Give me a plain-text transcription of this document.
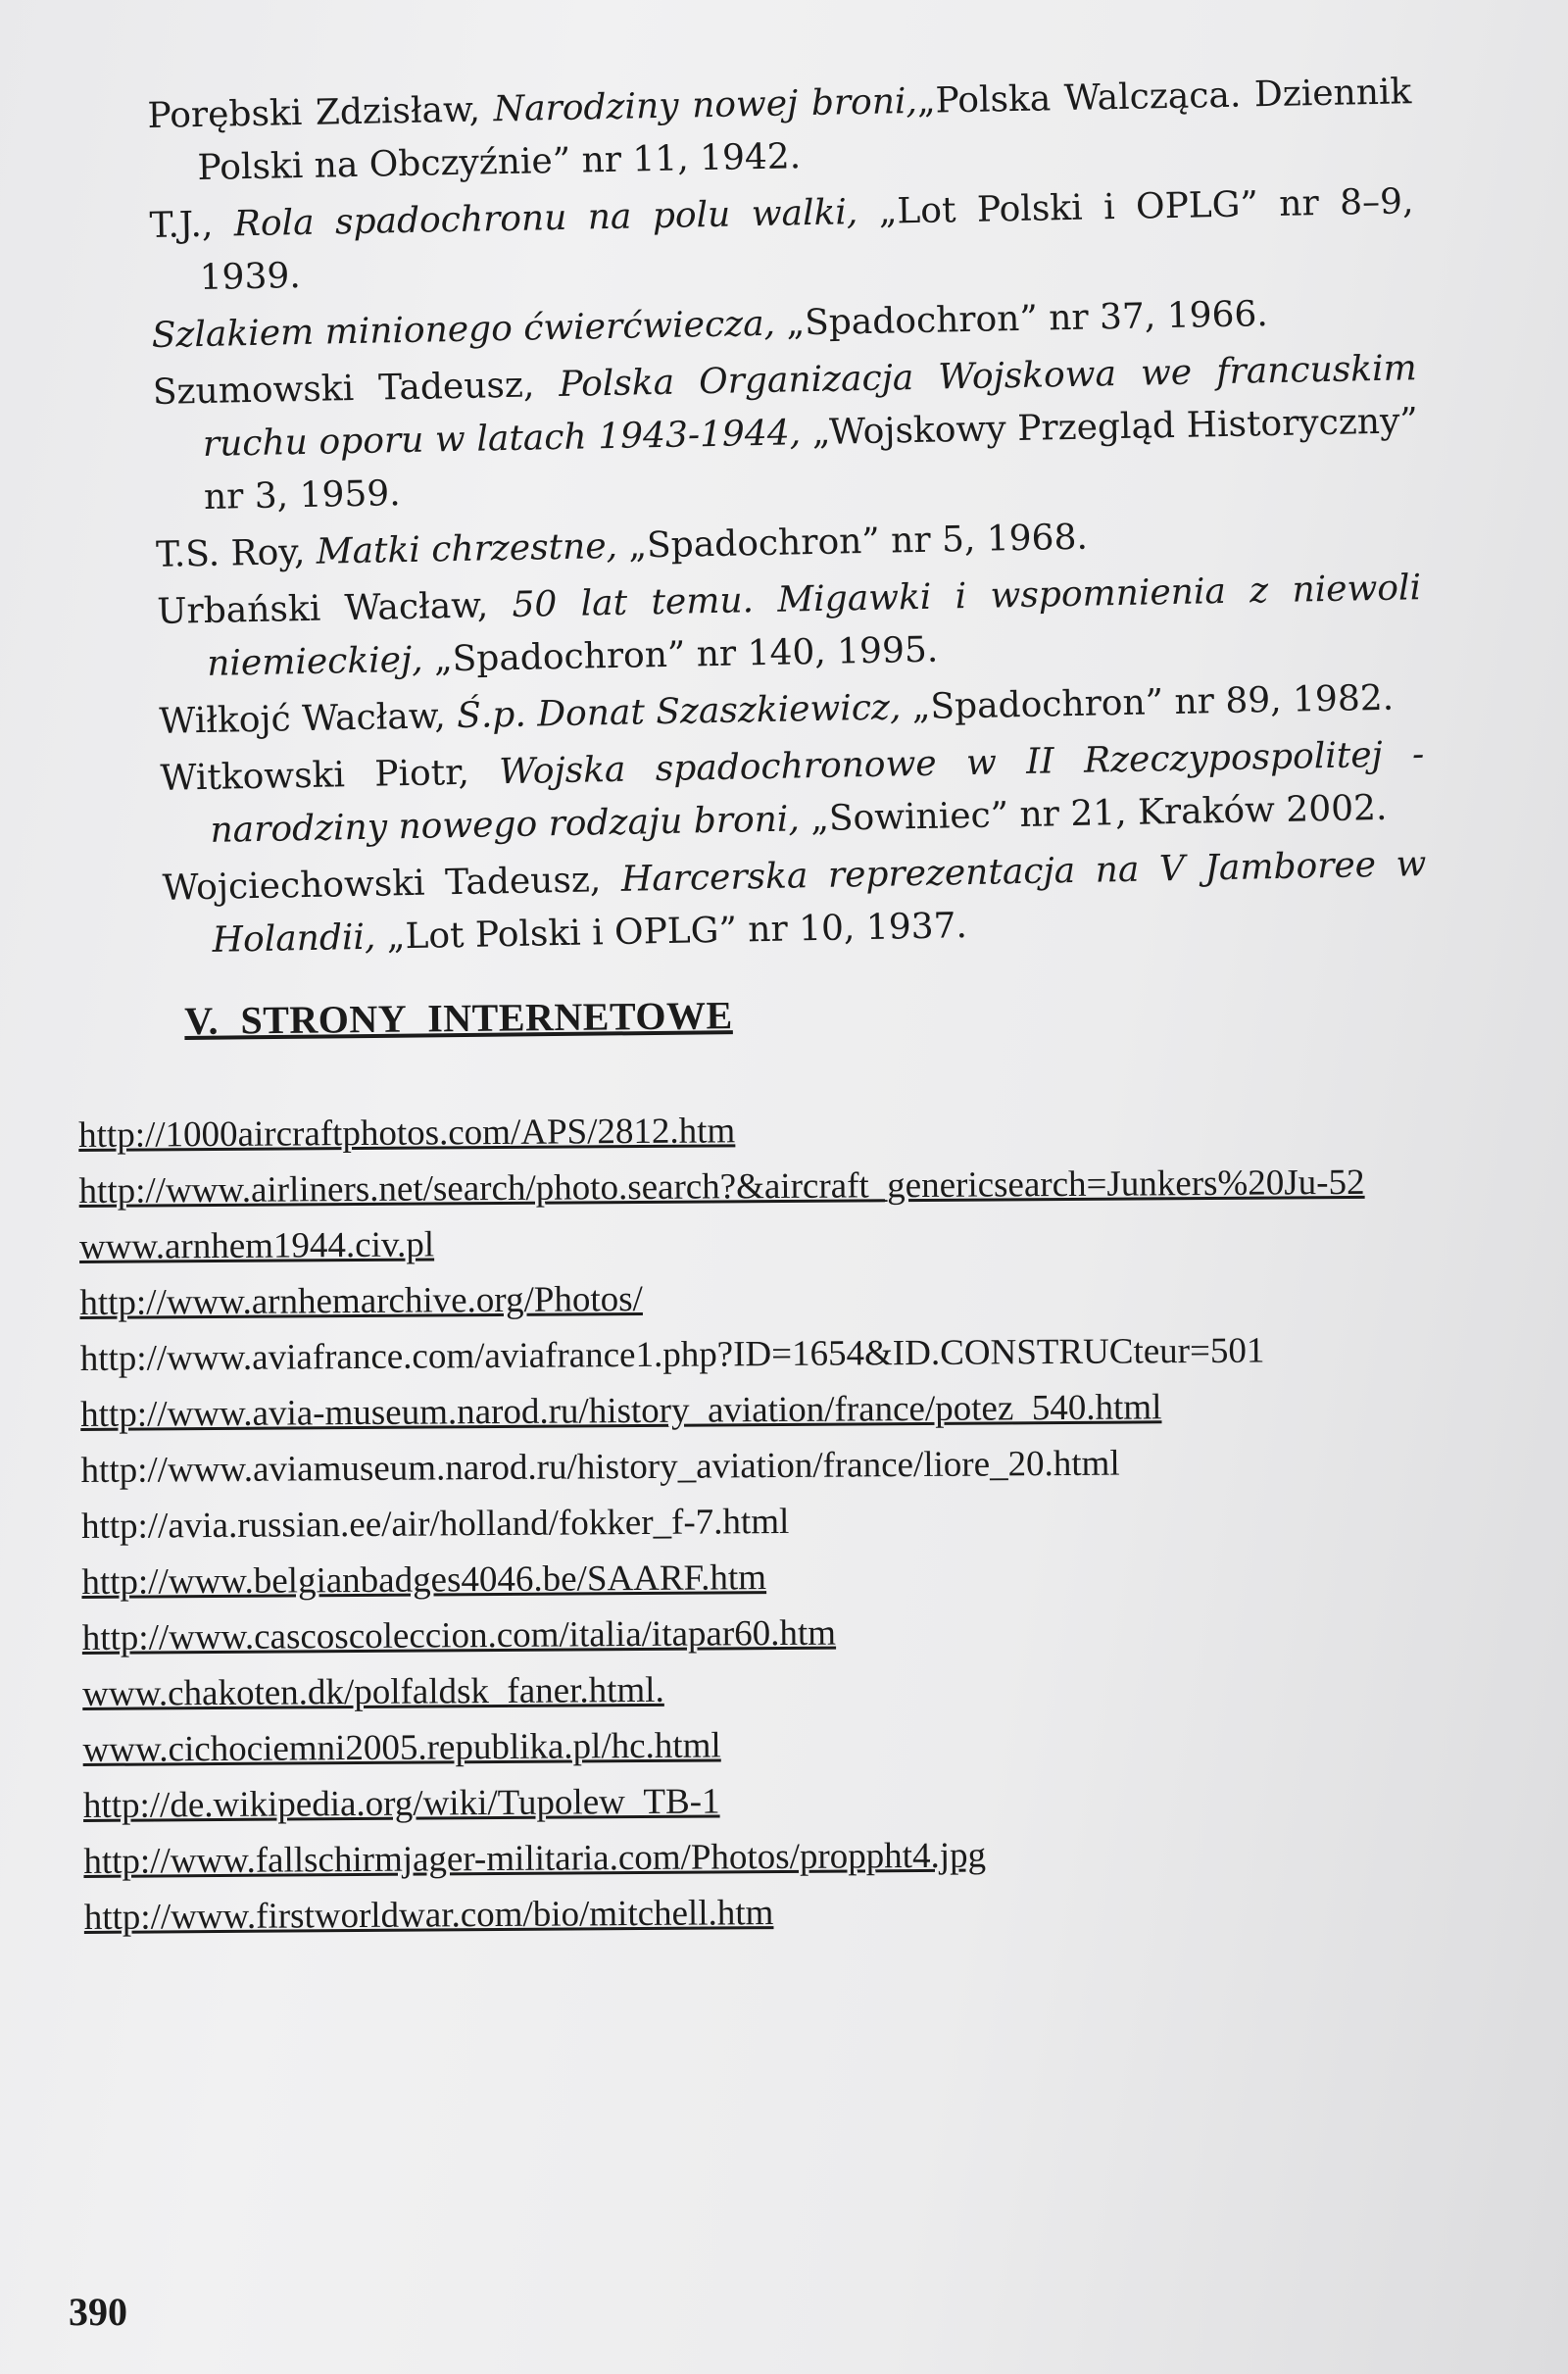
Porębski Zdzisław, Narodziny nowej broni,„Polska Walcząca. Dziennik Polski na Obczyźnie” nr 11, 1942.

T.J., Rola spadochronu na polu walki, „Lot Polski i OPLG” nr 8–9, 1939.

Szlakiem minionego ćwierćwiecza, „Spadochron” nr 37, 1966.

Szumowski Tadeusz, Polska Organizacja Wojskowa we francuskim ruchu oporu w latach 1943-1944, „Wojskowy Przegląd Historyczny” nr 3, 1959.

T.S. Roy, Matki chrzestne, „Spadochron” nr 5, 1968.

Urbański Wacław, 50 lat temu. Migawki i wspomnienia z niewoli niemieckiej, „Spadochron” nr 140, 1995.

Wiłkojć Wacław, Ś.p. Donat Szaszkiewicz, „Spadochron” nr 89, 1982.

Witkowski Piotr, Wojska spadochronowe w II Rzeczypospolitej - narodziny nowego rodzaju broni, „Sowiniec” nr 21, Kraków 2002.

Wojciechowski Tadeusz, Harcerska reprezentacja na V Jamboree w Holandii, „Lot Polski i OPLG” nr 10, 1937.

V. STRONY INTERNETOWE

http://1000aircraftphotos.com/APS/2812.htm

http://www.airliners.net/search/photo.search?&aircraft_genericsearch=Junkers%20Ju-52

www.arnhem1944.civ.pl

http://www.arnhemarchive.org/Photos/

http://www.aviafrance.com/aviafrance1.php?ID=1654&ID.CONSTRUCteur=501

http://www.avia-museum.narod.ru/history_aviation/france/potez_540.html

http://www.aviamuseum.narod.ru/history_aviation/france/liore_20.html

http://avia.russian.ee/air/holland/fokker_f-7.html

http://www.belgianbadges4046.be/SAARF.htm

http://www.cascoscoleccion.com/italia/itapar60.htm

www.chakoten.dk/polfaldsk_faner.html.

www.cichociemni2005.republika.pl/hc.html

http://de.wikipedia.org/wiki/Tupolew_TB-1

http://www.fallschirmjager-militaria.com/Photos/proppht4.jpg

http://www.firstworldwar.com/bio/mitchell.htm

390
